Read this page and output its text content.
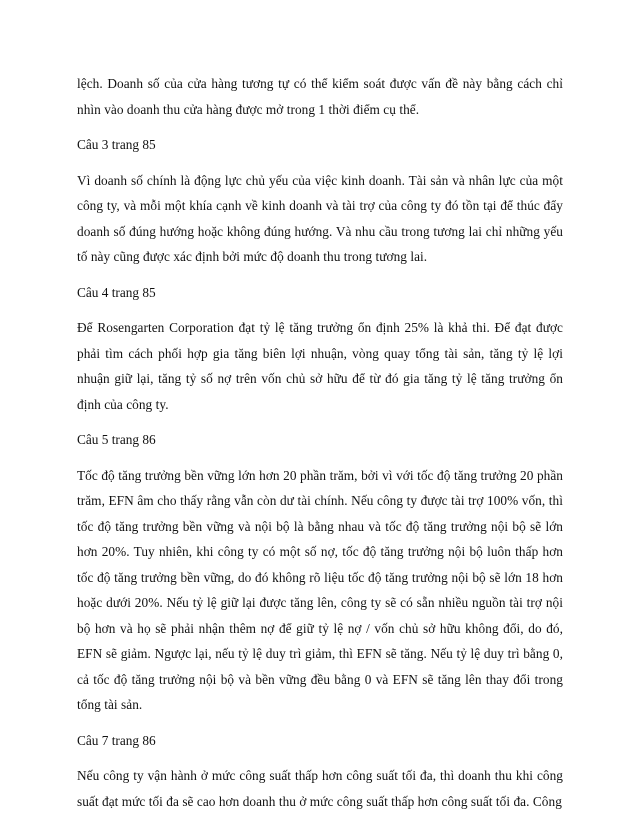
lệch. Doanh số của cửa hàng tương tự có thể kiểm soát được vấn đề này bằng cách chỉ nhìn vào doanh thu cửa hàng được mở trong 1 thời điểm cụ thể.

Câu 3 trang 85

Vì doanh số chính là động lực chủ yếu của việc kinh doanh. Tài sản và nhân lực của một công ty, và mỗi một khía cạnh về kinh doanh và tài trợ của công ty đó tồn tại để thúc đẩy doanh số đúng hướng hoặc không đúng hướng. Và nhu cầu trong tương lai chỉ những yếu tố này cũng được xác định bởi mức độ doanh thu trong tương lai.

Câu 4 trang 85

Để Rosengarten Corporation đạt tỷ lệ tăng trưởng ổn định 25% là khả thi. Để đạt được phải tìm cách phối hợp gia tăng biên lợi nhuận, vòng quay tổng tài sản, tăng tỷ lệ lợi nhuận giữ lại, tăng tỷ số nợ trên vốn chủ sở hữu để từ đó gia tăng tỷ lệ tăng trưởng ổn định của công ty.

Câu 5 trang 86

Tốc độ tăng trưởng bền vững lớn hơn 20 phần trăm, bởi vì với tốc độ tăng trưởng 20 phần trăm, EFN âm cho thấy rằng vẫn còn dư tài chính. Nếu công ty được tài trợ 100% vốn, thì tốc độ tăng trưởng bền vững và nội bộ là bằng nhau và tốc độ tăng trưởng nội bộ sẽ lớn hơn 20%. Tuy nhiên, khi công ty có một số nợ, tốc độ tăng trưởng nội bộ luôn thấp hơn tốc độ tăng trưởng bền vững, do đó không rõ liệu tốc độ tăng trưởng nội bộ sẽ lớn 18 hơn hoặc dưới 20%. Nếu tỷ lệ giữ lại được tăng lên, công ty sẽ có sẵn nhiều nguồn tài trợ nội bộ hơn và họ sẽ phải nhận thêm nợ để giữ tỷ lệ nợ / vốn chủ sở hữu không đổi, do đó, EFN sẽ giảm. Ngược lại, nếu tỷ lệ duy trì giảm, thì EFN sẽ tăng. Nếu tỷ lệ duy trì bằng 0, cả tốc độ tăng trưởng nội bộ và bền vững đều bằng 0 và EFN sẽ tăng lên thay đổi trong tổng tài sản.

Câu 7 trang 86

Nếu công ty vận hành ở mức công suất thấp hơn công suất tối đa, thì doanh thu khi công suất đạt mức tối đa sẽ cao hơn doanh thu ở mức công suất thấp hơn công suất tối đa. Công
